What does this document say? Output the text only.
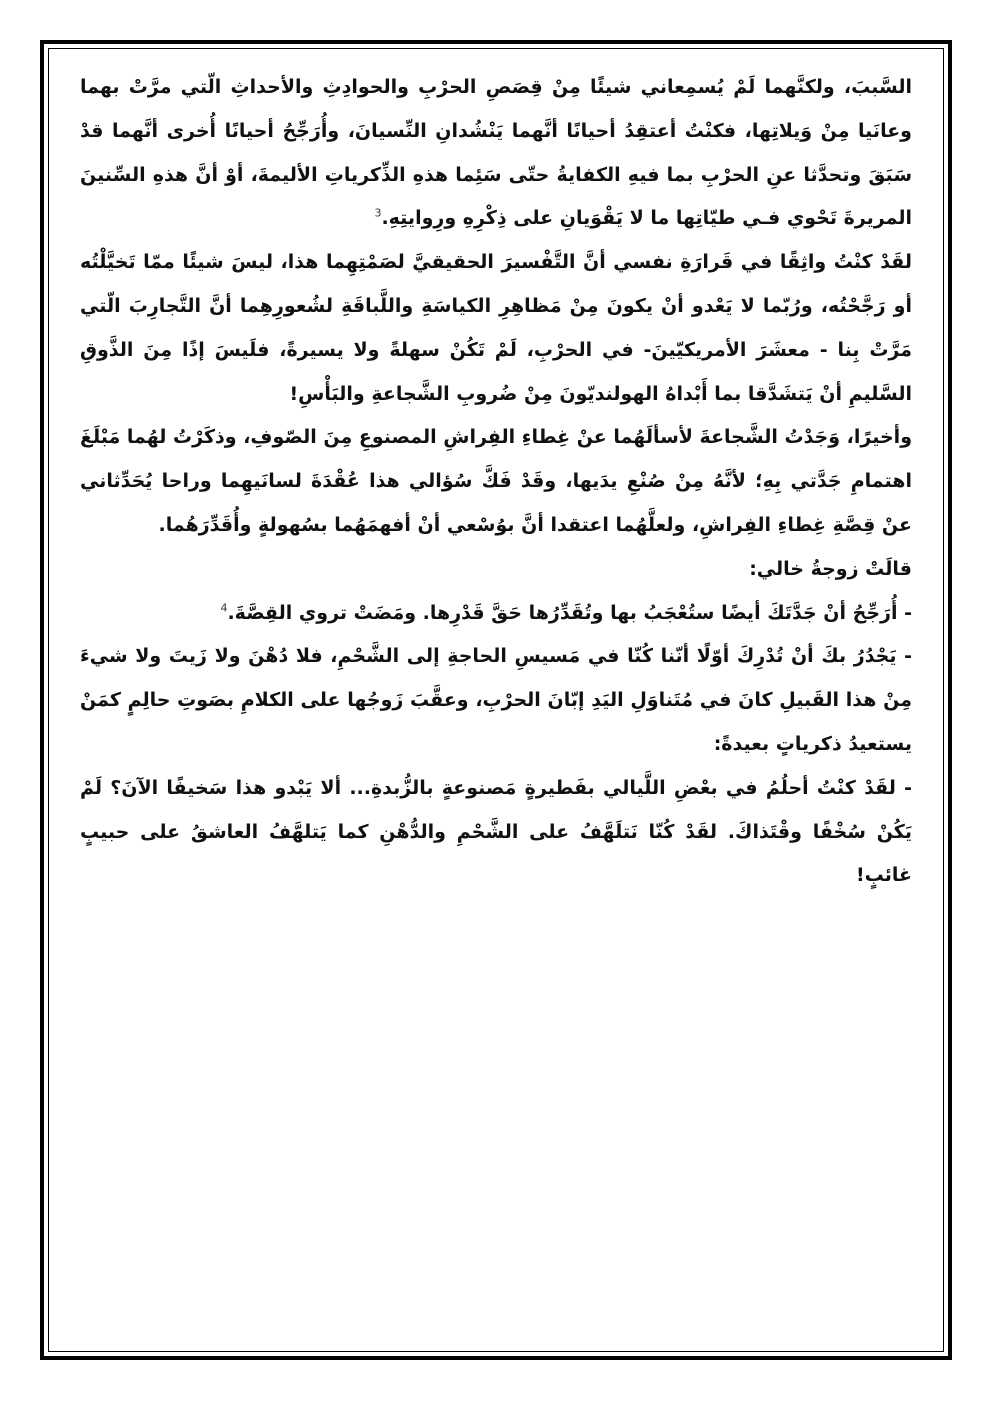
السَّببَ، ولكنَّهما لَمْ يُسمِعاني شيئًا مِنْ قِصَصِ الحرْبِ والحوادِثِ والأحداثِ الّتي مرَّتْ بهما وعانَيا مِنْ وَيلاتِها، فكنْتُ أعتقِدُ أحيانًا أنَّهما يَنْشُدانِ النِّسيانَ، وأُرَجِّحُ أحيانًا أُخرى أنَّهما قدْ سَبَقَ وتحدَّثا عنِ الحرْبِ بما فيهِ الكفايةُ حتّى سَئِما هذهِ الذِّكرياتِ الأليمةَ، أوْ أنَّ هذهِ السِّنينَ المريرةَ تَحْوي فـي طيّاتِها ما لا يَقْوَيانِ على ذِكْرِهِ ورِوايتِهِ.$^3$

لقَدْ كنْتُ واثِقًا في قَرارَةِ نفسي أنَّ التَّفْسيرَ الحقيقيَّ لصَمْتِهِما هذا، ليسَ شيئًا ممّا تَخيَّلْتُه أو رَجَّحْتُه، ورُبّما لا يَعْدو أنْ يكونَ مِنْ مَظاهِرِ الكياسَةِ واللَّباقَةِ لشُعورِهِما أنَّ التَّجارِبَ الّتي مَرَّتْ بِنا - معشَرَ الأمريكيّينَ- في الحرْبِ، لَمْ تَكُنْ سهلةً ولا يسيرةً، فلَيسَ إذًا مِنَ الذَّوقِ السَّليمِ أنْ يَتشَدَّقا بما أَبْداهُ الهولنديّونَ مِنْ ضُروبِ الشَّجاعةِ والبَأْسِ!

وأخيرًا، وَجَدْتُ الشَّجاعةَ لأسألَهُما عنْ غِطاءِ الفِراشِ المصنوعِ مِنَ الصّوفِ، وذكَرْتُ لهُما مَبْلَغَ اهتمامِ جَدَّتي بِهِ؛ لأنَّهُ مِنْ صُنْعِ يدَيها، وقَدْ فَكَّ سُؤالي هذا عُقْدَةَ لسانَيهِما وراحا يُحَدِّثاني عنْ قِصَّةِ غِطاءِ الفِراشِ، ولعلَّهُما اعتقدا أنَّ بوُسْعي أنْ أفهمَهُما بسُهولةٍ وأُقَدِّرَهُما.

قالَتْ زوجةُ خالي:

- أُرَجِّحُ أنْ جَدَّتَكَ أيضًا ستُعْجَبُ بها وتُقَدِّرُها حَقَّ قَدْرِها. ومَضَتْ تروي القِصَّةَ.$^4$

- يَجْدُرُ بكَ أنْ تُدْرِكَ أوّلًا أنّنا كُنّا في مَسيسِ الحاجةِ إلى الشَّحْمِ، فلا دُهْنَ ولا زَيتَ ولا شيءَ مِنْ هذا القَبيلِ كانَ في مُتَناوَلِ اليَدِ إبّانَ الحرْبِ، وعقَّبَ زَوجُها على الكلامِ بصَوتِ حالِمٍ كمَنْ يستعيدُ ذكرياتٍ بعيدةً:

- لقَدْ كنْتُ أحلُمُ في بعْضِ اللَّيالي بفَطيرةٍ مَصنوعةٍ بالزُّبدةِ... ألا يَبْدو هذا سَخيفًا الآنَ؟ لَمْ يَكُنْ سُخْفًا وقْتَذاكَ. لقَدْ كُنّا نَتلَهَّفُ على الشَّحْمِ والدُّهْنِ كما يَتلهَّفُ العاشقُ على حبيبٍ غائبٍ!
